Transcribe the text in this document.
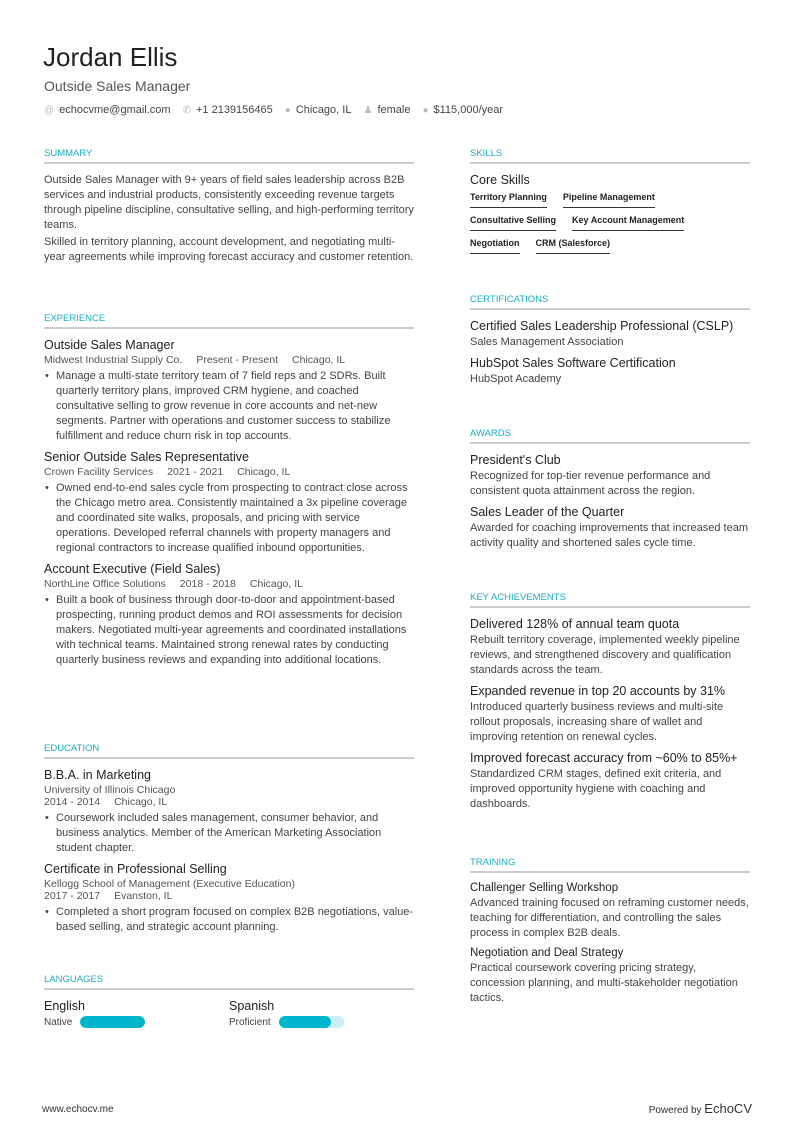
Jordan Ellis
Outside Sales Manager
@ echocvme@gmail.com ✆ +1 2139156465 ● Chicago, IL ♟ female ● $115,000/year
SUMMARY

Outside Sales Manager with 9+ years of field sales leadership across B2B services and industrial products, consistently exceeding revenue targets through pipeline discipline, consultative selling, and high-performing territory teams.

Skilled in territory planning, account development, and negotiating multi-year agreements while improving forecast accuracy and customer retention.

EXPERIENCE
Outside Sales Manager
Midwest Industrial Supply Co. Present - Present Chicago, IL
• Manage a multi-state territory team of 7 field reps and 2 SDRs. Built quarterly territory plans, improved CRM hygiene, and coached consultative selling to grow revenue in core accounts and net-new segments. Partner with operations and customer success to stabilize fulfillment and reduce churn risk in top accounts.
Senior Outside Sales Representative
Crown Facility Services 2021 - 2021 Chicago, IL
• Owned end-to-end sales cycle from prospecting to contract close across the Chicago metro area. Consistently maintained a 3x pipeline coverage and coordinated site walks, proposals, and pricing with service operations. Developed referral channels with property managers and regional contractors to increase qualified inbound opportunities.
Account Executive (Field Sales)
NorthLine Office Solutions 2018 - 2018 Chicago, IL
• Built a book of business through door-to-door and appointment-based prospecting, running product demos and ROI assessments for decision makers. Negotiated multi-year agreements and coordinated installations with technical teams. Maintained strong renewal rates by conducting quarterly business reviews and expanding into additional locations.
EDUCATION
B.B.A. in Marketing
University of Illinois Chicago
2014 - 2014 Chicago, IL
• Coursework included sales management, consumer behavior, and business analytics. Member of the American Marketing Association student chapter.
Certificate in Professional Selling
Kellogg School of Management (Executive Education)
2017 - 2017 Evanston, IL
• Completed a short program focused on complex B2B negotiations, value-based selling, and strategic account planning.
LANGUAGES
English
Native
Spanish
Proficient
SKILLS
Core Skills
Territory Planning Pipeline Management
Consultative Selling Key Account Management
Negotiation CRM (Salesforce)
CERTIFICATIONS
Certified Sales Leadership Professional (CSLP)

Sales Management Association

HubSpot Sales Software Certification

HubSpot Academy

AWARDS
President's Club

Recognized for top-tier revenue performance and consistent quota attainment across the region.

Sales Leader of the Quarter

Awarded for coaching improvements that increased team activity quality and shortened sales cycle time.

KEY ACHIEVEMENTS
Delivered 128% of annual team quota

Rebuilt territory coverage, implemented weekly pipeline reviews, and strengthened discovery and qualification standards across the team.

Expanded revenue in top 20 accounts by 31%

Introduced quarterly business reviews and multi-site rollout proposals, increasing share of wallet and improving retention on renewal cycles.

Improved forecast accuracy from ~60% to 85%+

Standardized CRM stages, defined exit criteria, and improved opportunity hygiene with coaching and dashboards.

TRAINING
Challenger Selling Workshop

Advanced training focused on reframing customer needs, teaching for differentiation, and controlling the sales process in complex B2B deals.

Negotiation and Deal Strategy

Practical coursework covering pricing strategy, concession planning, and multi-stakeholder negotiation tactics.

www.echocv.me	Powered by EchoCV
